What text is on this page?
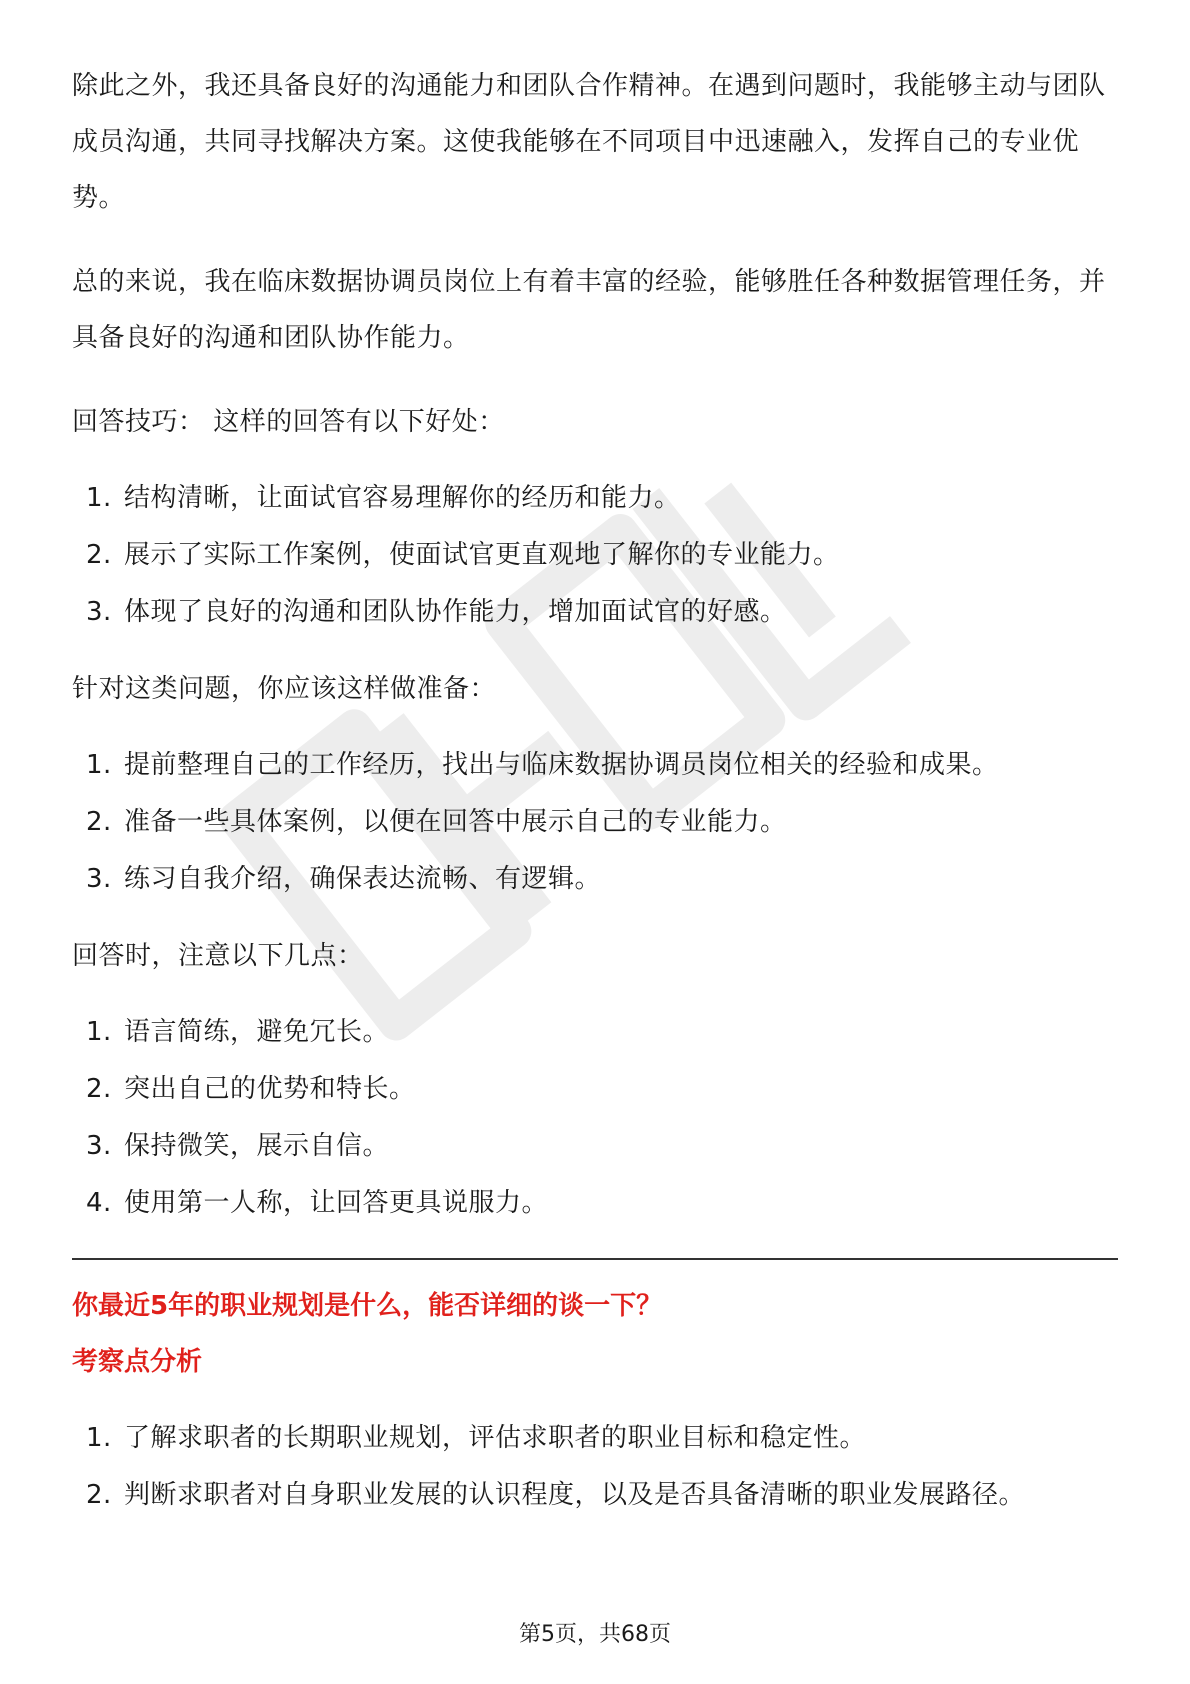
除此之外，我还具备良好的沟通能力和团队合作精神。在遇到问题时，我能够主动与团队成员沟通，共同寻找解决方案。这使我能够在不同项目中迅速融入，发挥自己的专业优势。

总的来说，我在临床数据协调员岗位上有着丰富的经验，能够胜任各种数据管理任务，并具备良好的沟通和团队协作能力。

回答技巧： 这样的回答有以下好处：

1. 结构清晰，让面试官容易理解你的经历和能力。
2. 展示了实际工作案例，使面试官更直观地了解你的专业能力。
3. 体现了良好的沟通和团队协作能力，增加面试官的好感。

针对这类问题，你应该这样做准备：

1. 提前整理自己的工作经历，找出与临床数据协调员岗位相关的经验和成果。
2. 准备一些具体案例，以便在回答中展示自己的专业能力。
3. 练习自我介绍，确保表达流畅、有逻辑。

回答时，注意以下几点：

1. 语言简练，避免冗长。
2. 突出自己的优势和特长。
3. 保持微笑，展示自信。
4. 使用第一人称，让回答更具说服力。

你最近5年的职业规划是什么，能否详细的谈一下？

考察点分析

1. 了解求职者的长期职业规划，评估求职者的职业目标和稳定性。
2. 判断求职者对自身职业发展的认识程度，以及是否具备清晰的职业发展路径。
第5页，共68页
